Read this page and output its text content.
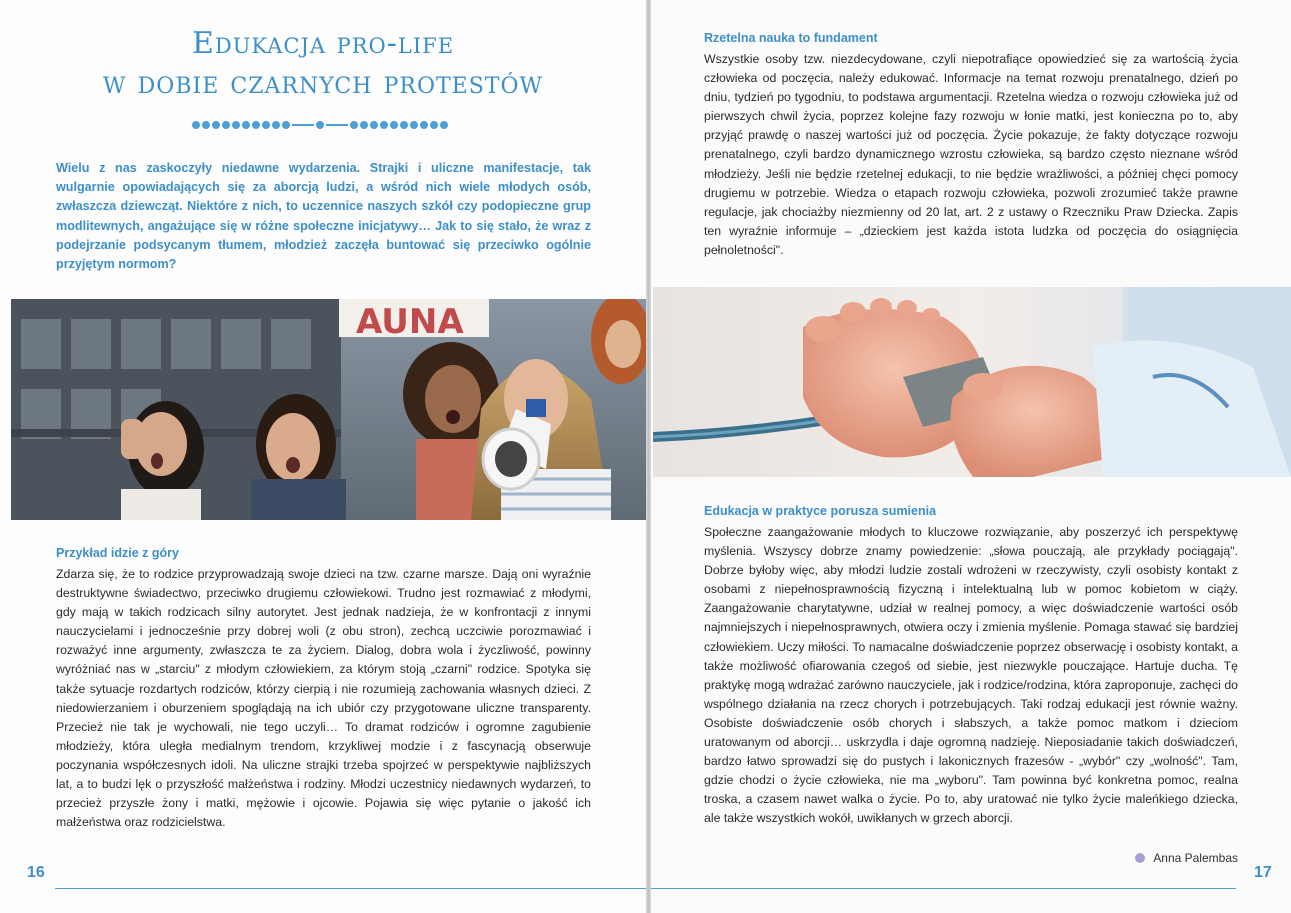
Edukacja pro-life
w dobie czarnych protestów
Wielu z nas zaskoczyły niedawne wydarzenia. Strajki i uliczne manifestacje, tak wulgarnie opowiadających się za aborcją ludzi, a wśród nich wiele młodych osób, zwłaszcza dziewcząt. Niektóre z nich, to uczennice naszych szkół czy podopieczne grup modlitewnych, angażujące się w różne społeczne inicjatywy… Jak to się stało, że wraz z podejrzanie podsycanym tłumem, młodzież zaczęła buntować się przeciwko ogólnie przyjętym normom?
AUNA
Przykład idzie z góry
Zdarza się, że to rodzice przyprowadzają swoje dzieci na tzw. czarne marsze. Dają oni wyraźnie destruktywne świadectwo, przeciwko drugiemu człowiekowi. Trudno jest rozmawiać z młodymi, gdy mają w takich rodzicach silny autorytet. Jest jednak nadzieja, że w konfrontacji z innymi nauczycielami i jednocześnie przy dobrej woli (z obu stron), zechcą uczciwie porozmawiać i rozważyć inne argumenty, zwłaszcza te za życiem. Dialog, dobra wola i życzliwość, powinny wyróżniać nas w „starciu" z młodym człowiekiem, za którym stoją „czarni" rodzice. Spotyka się także sytuacje rozdartych rodziców, którzy cierpią i nie rozumieją zachowania własnych dzieci. Z niedowierzaniem i oburzeniem spoglądają na ich ubiór czy przygotowane uliczne transparenty. Przecież nie tak je wychowali, nie tego uczyli… To dramat rodziców i ogromne zagubienie młodzieży, która uległa medialnym trendom, krzykliwej modzie i z fascynacją obserwuje poczynania współczesnych idoli. Na uliczne strajki trzeba spojrzeć w perspektywie najbliższych lat, a to budzi lęk o przyszłość małżeństwa i rodziny. Młodzi uczestnicy niedawnych wydarzeń, to przecież przyszłe żony i matki, mężowie i ojcowie. Pojawia się więc pytanie o jakość ich małżeństwa oraz rodzicielstwa.
16
Rzetelna nauka to fundament
Wszystkie osoby tzw. niezdecydowane, czyli niepotrafiące opowiedzieć się za wartością życia człowieka od poczęcia, należy edukować. Informacje na temat rozwoju prenatalnego, dzień po dniu, tydzień po tygodniu, to podstawa argumentacji. Rzetelna wiedza o rozwoju człowieka już od pierwszych chwil życia, poprzez kolejne fazy rozwoju w łonie matki, jest konieczna po to, aby przyjąć prawdę o naszej wartości już od poczęcia. Życie pokazuje, że fakty dotyczące rozwoju prenatalnego, czyli bardzo dynamicznego wzrostu człowieka, są bardzo często nieznane wśród młodzieży. Jeśli nie będzie rzetelnej edukacji, to nie będzie wrażliwości, a później chęci pomocy drugiemu w potrzebie. Wiedza o etapach rozwoju człowieka, pozwoli zrozumieć także prawne regulacje, jak chociażby niezmienny od 20 lat, art. 2 z ustawy o Rzeczniku Praw Dziecka. Zapis ten wyraźnie informuje – „dzieckiem jest każda istota ludzka od poczęcia do osiągnięcia pełnoletności".
Edukacja w praktyce porusza sumienia
Społeczne zaangażowanie młodych to kluczowe rozwiązanie, aby poszerzyć ich perspektywę myślenia. Wszyscy dobrze znamy powiedzenie: „słowa pouczają, ale przykłady pociągają". Dobrze byłoby więc, aby młodzi ludzie zostali wdrożeni w rzeczywisty, czyli osobisty kontakt z osobami z niepełnosprawnością fizyczną i intelektualną lub w pomoc kobietom w ciąży. Zaangażowanie charytatywne, udział w realnej pomocy, a więc doświadczenie wartości osób najmniejszych i niepełnosprawnych, otwiera oczy i zmienia myślenie. Pomaga stawać się bardziej człowiekiem. Uczy miłości. To namacalne doświadczenie poprzez obserwację i osobisty kontakt, a także możliwość ofiarowania czegoś od siebie, jest niezwykle pouczające. Hartuje ducha. Tę praktykę mogą wdrażać zarówno nauczyciele, jak i rodzice/rodzina, która zaproponuje, zachęci do wspólnego działania na rzecz chorych i potrzebujących. Taki rodzaj edukacji jest równie ważny. Osobiste doświadczenie osób chorych i słabszych, a także pomoc matkom i dzieciom uratowanym od aborcji… uskrzydla i daje ogromną nadzieję. Nieposiadanie takich doświadczeń, bardzo łatwo sprowadzi się do pustych i lakonicznych frazesów - „wybór" czy „wolność". Tam, gdzie chodzi o życie człowieka, nie ma „wyboru". Tam powinna być konkretna pomoc, realna troska, a czasem nawet walka o życie. Po to, aby uratować nie tylko życie maleńkiego dziecka, ale także wszystkich wokół, uwikłanych w grzech aborcji.
Anna Palembas
17
